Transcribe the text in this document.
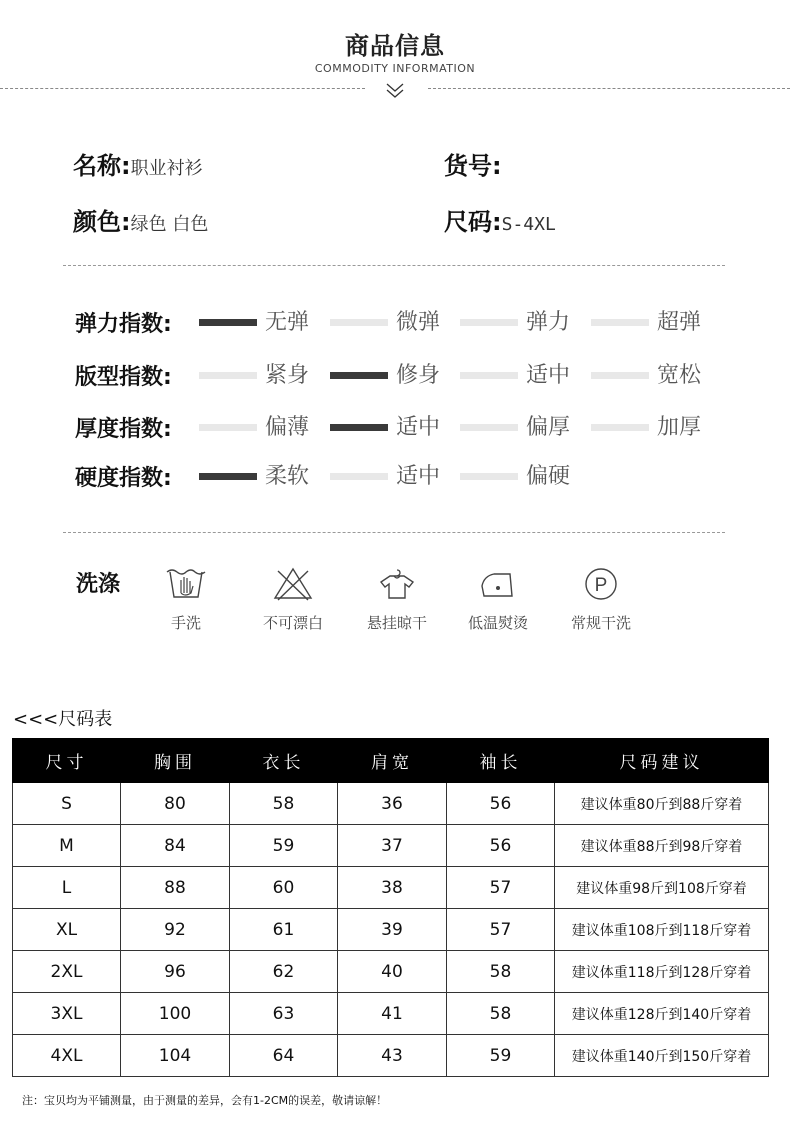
商品信息
COMMODITY INFORMATION
名称:职业衬衫	货号:
颜色:绿色 白色	尺码:S-4XL
弹力指数:	无弹	微弹	弹力	超弹
版型指数:	紧身	修身	适中	宽松
厚度指数:	偏薄	适中	偏厚	加厚
硬度指数:	柔软	适中	偏硬
洗涤
手洗	不可漂白	悬挂晾干	低温熨烫
P
常规干洗
<<<尺码表
尺寸	胸围	衣长	肩宽	袖长	尺码建议
S	80	58	36	56	建议体重80斤到88斤穿着
M	84	59	37	56	建议体重88斤到98斤穿着
L	88	60	38	57	建议体重98斤到108斤穿着
XL	92	61	39	57	建议体重108斤到118斤穿着
2XL	96	62	40	58	建议体重118斤到128斤穿着
3XL	100	63	41	58	建议体重128斤到140斤穿着
4XL	104	64	43	59	建议体重140斤到150斤穿着
注：宝贝均为平铺测量，由于测量的差异，会有1-2CM的误差，敬请谅解！
